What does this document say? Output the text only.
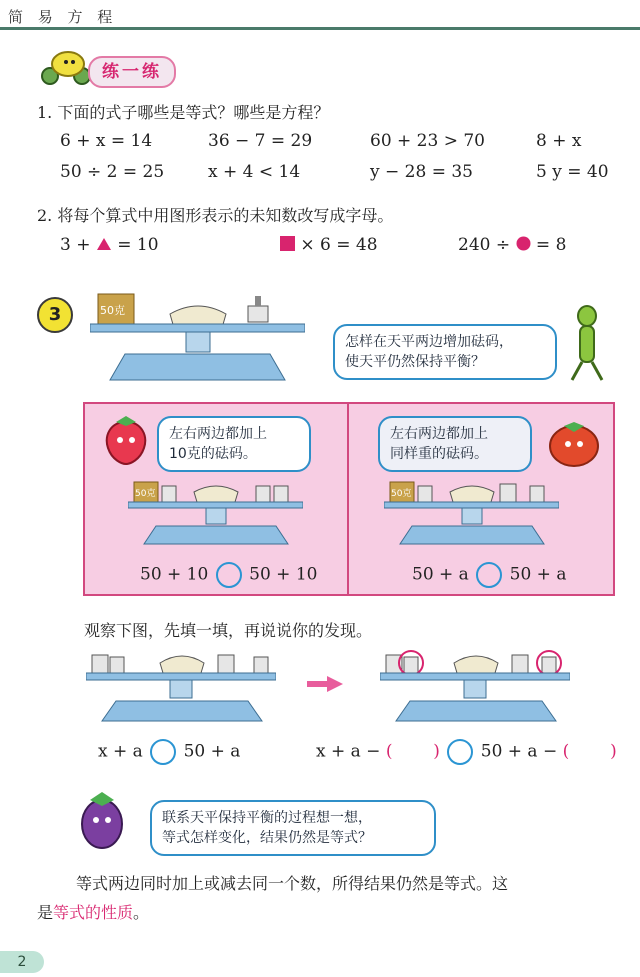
简 易 方 程
练一练
1. 下面的式子哪些是等式？哪些是方程？
6 + x = 14	36 − 7 = 29	60 + 23 > 70	8 + x
50 ÷ 2 = 25	x + 4 < 14	y − 28 = 35	5 y = 40
2. 将每个算式中用图形表示的未知数改写成字母。
3 + = 10	× 6 = 48	240 ÷ = 8
3	50克
怎样在天平两边增加砝码，
使天平仍然保持平衡？
左右两边都加上
10克的砝码。
50克
50 + 10 50 + 10
左右两边都加上
同样重的砝码。
50克
50 + a 50 + a
观察下图，先填一填，再说说你的发现。
x + a 50 + a	x + a − ( ) 50 + a − ( )
联系天平保持平衡的过程想一想，
等式怎样变化，结果仍然是等式？
等式两边同时加上或减去同一个数，所得结果仍然是等式。这
是等式的性质。
2
